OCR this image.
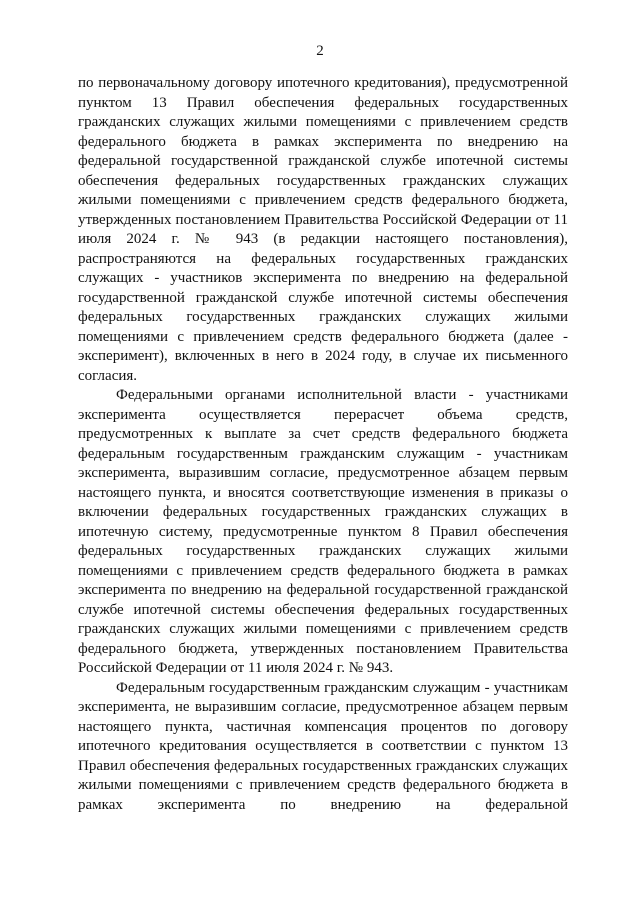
2

по первоначальному договору ипотечного кредитования), предусмотренной пунктом 13 Правил обеспечения федеральных государственных гражданских служащих жилыми помещениями с привлечением средств федерального бюджета в рамках эксперимента по внедрению на федеральной государственной гражданской службе ипотечной системы обеспечения федеральных государственных гражданских служащих жилыми помещениями с привлечением средств федерального бюджета, утвержденных постановлением Правительства Российской Федерации от 11 июля 2024 г. № 943 (в редакции настоящего постановления), распространяются на федеральных государственных гражданских служащих - участников эксперимента по внедрению на федеральной государственной гражданской службе ипотечной системы обеспечения федеральных государственных гражданских служащих жилыми помещениями с привлечением средств федерального бюджета (далее - эксперимент), включенных в него в 2024 году, в случае их письменного согласия.

Федеральными органами исполнительной власти - участниками эксперимента осуществляется перерасчет объема средств, предусмотренных к выплате за счет средств федерального бюджета федеральным государственным гражданским служащим - участникам эксперимента, выразившим согласие, предусмотренное абзацем первым настоящего пункта, и вносятся соответствующие изменения в приказы о включении федеральных государственных гражданских служащих в ипотечную систему, предусмотренные пунктом 8 Правил обеспечения федеральных государственных гражданских служащих жилыми помещениями с привлечением средств федерального бюджета в рамках эксперимента по внедрению на федеральной государственной гражданской службе ипотечной системы обеспечения федеральных государственных гражданских служащих жилыми помещениями с привлечением средств федерального бюджета, утвержденных постановлением Правительства Российской Федерации от 11 июля 2024 г. № 943.

Федеральным государственным гражданским служащим - участникам эксперимента, не выразившим согласие, предусмотренное абзацем первым настоящего пункта, частичная компенсация процентов по договору ипотечного кредитования осуществляется в соответствии с пунктом 13 Правил обеспечения федеральных государственных гражданских служащих жилыми помещениями с привлечением средств федерального бюджета в рамках эксперимента по внедрению на федеральной
